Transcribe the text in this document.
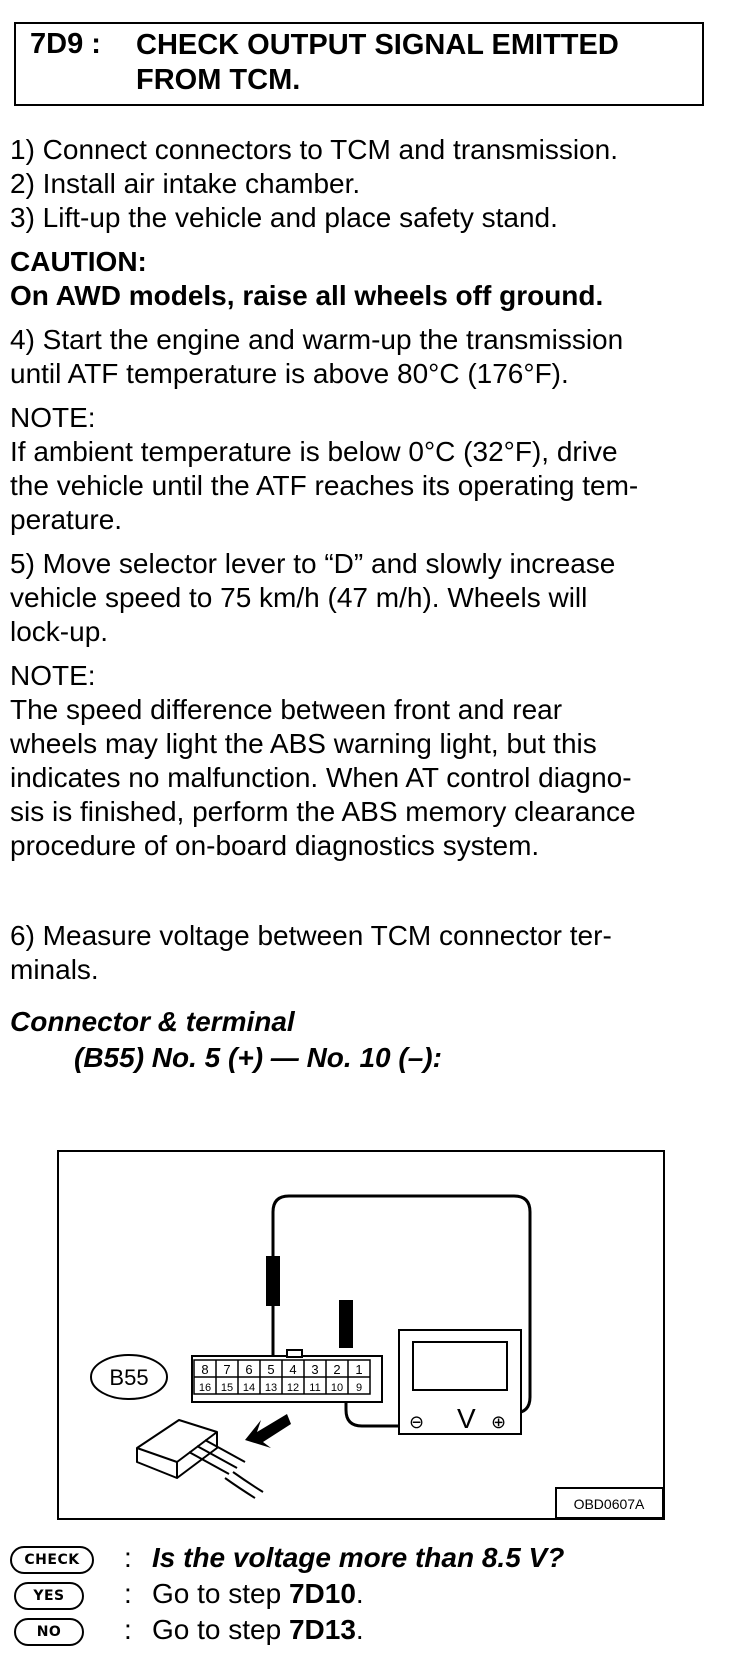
7D9 : CHECK OUTPUT SIGNAL EMITTED
FROM TCM.
1) Connect connectors to TCM and transmission.
2) Install air intake chamber.
3) Lift-up the vehicle and place safety stand.
CAUTION:
On AWD models, raise all wheels off ground.
4) Start the engine and warm-up the transmission
until ATF temperature is above 80°C (176°F).
NOTE:
If ambient temperature is below 0°C (32°F), drive
the vehicle until the ATF reaches its operating tem-
perature.
5) Move selector lever to “D” and slowly increase
vehicle speed to 75 km/h (47 m/h). Wheels will
lock-up.
NOTE:
The speed difference between front and rear
wheels may light the ABS warning light, but this
indicates no malfunction. When AT control diagno-
sis is finished, perform the ABS memory clearance
procedure of on-board diagnostics system.
6) Measure voltage between TCM connector ter-
minals.
Connector & terminal
(B55) No. 5 (+) — No. 10 (–):
B55	8 7 6 5 4 3 2 1
16 15 14 13 12 11 10 9
⊖ V ⊕
OBD0607A
CHECK	: Is the voltage more than 8.5 V?
YES	: Go to step 7D10.
NO	: Go to step 7D13.
